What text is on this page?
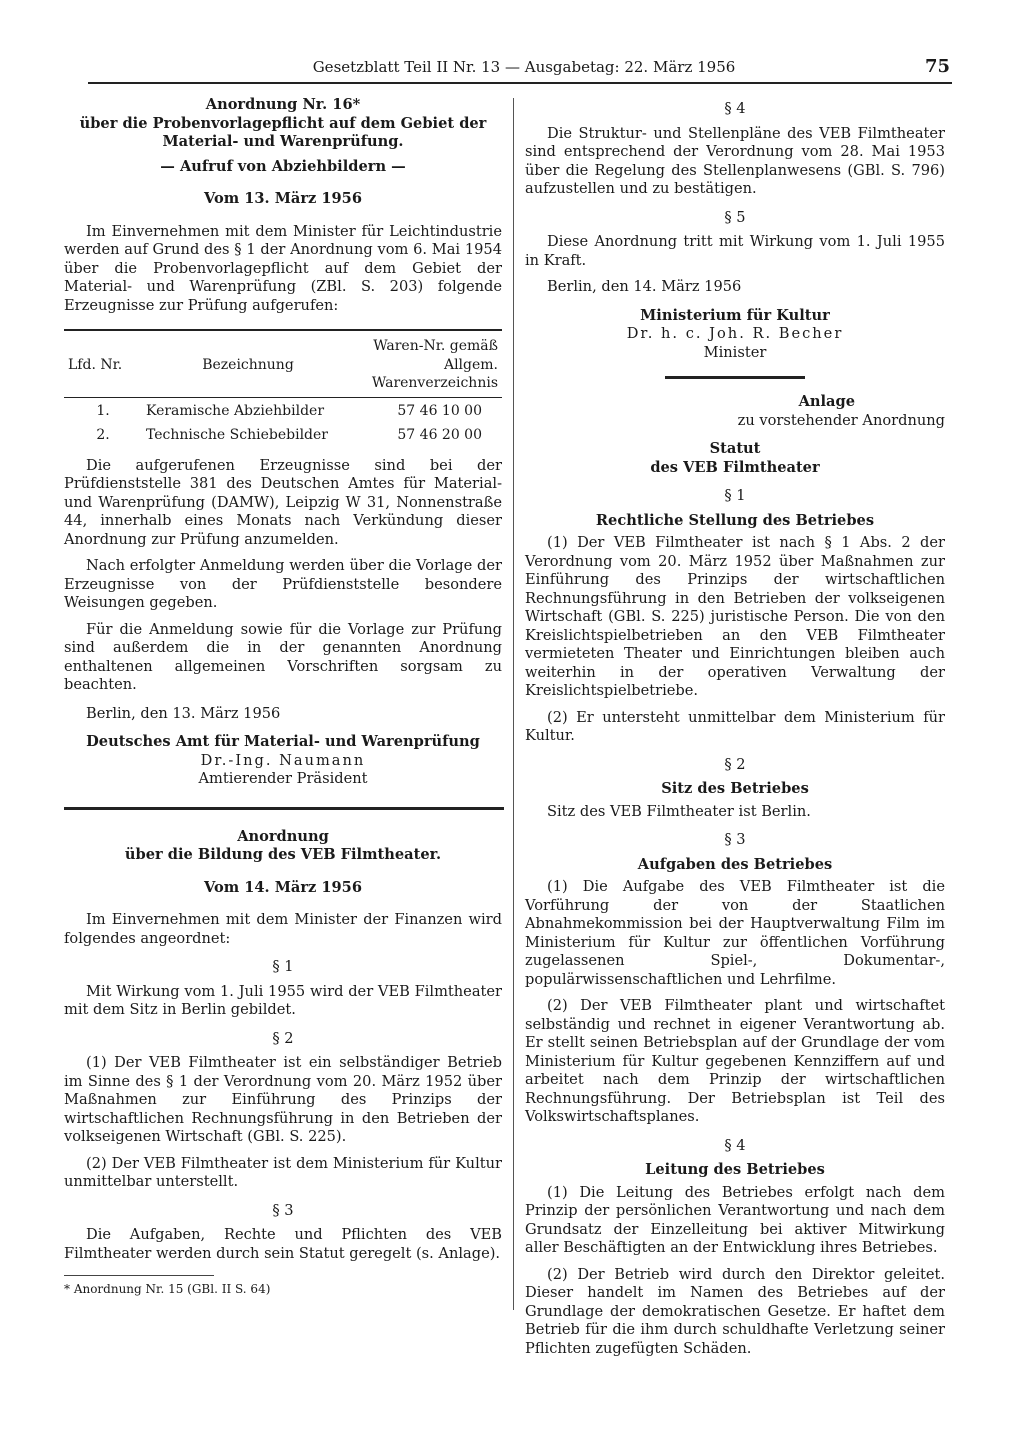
Gesetzblatt Teil II Nr. 13 — Ausgabetag: 22. März 1956	75
Anordnung Nr. 16*
über die Probenvorlagepflicht auf dem Gebiet der
Material- und Warenprüfung.
— Aufruf von Abziehbildern —
Vom 13. März 1956

Im Einvernehmen mit dem Minister für Leichtindustrie werden auf Grund des § 1 der Anordnung vom 6. Mai 1954 über die Probenvorlagepflicht auf dem Gebiet der Material- und Warenprüfung (ZBl. S. 203) folgende Erzeugnisse zur Prüfung aufgerufen:

Lfd. Nr.	Bezeichnung	Waren-Nr. gemäß Allgem. Warenverzeichnis
1.	Keramische Abziehbilder	57 46 10 00
2.	Technische Schiebebilder	57 46 20 00

Die aufgerufenen Erzeugnisse sind bei der Prüfdienststelle 381 des Deutschen Amtes für Material- und Warenprüfung (DAMW), Leipzig W 31, Nonnenstraße 44, innerhalb eines Monats nach Verkündung dieser Anordnung zur Prüfung anzumelden.

Nach erfolgter Anmeldung werden über die Vorlage der Erzeugnisse von der Prüfdienststelle besondere Weisungen gegeben.

Für die Anmeldung sowie für die Vorlage zur Prüfung sind außerdem die in der genannten Anordnung enthaltenen allgemeinen Vorschriften sorgsam zu beachten.

Berlin, den 13. März 1956

Deutsches Amt für Material- und Warenprüfung
Dr.-Ing. Naumann
Amtierender Präsident
Anordnung
über die Bildung des VEB Filmtheater.
Vom 14. März 1956

Im Einvernehmen mit dem Minister der Finanzen wird folgendes angeordnet:

§ 1

Mit Wirkung vom 1. Juli 1955 wird der VEB Filmtheater mit dem Sitz in Berlin gebildet.

§ 2

(1) Der VEB Filmtheater ist ein selbständiger Betrieb im Sinne des § 1 der Verordnung vom 20. März 1952 über Maßnahmen zur Einführung des Prinzips der wirtschaftlichen Rechnungsführung in den Betrieben der volkseigenen Wirtschaft (GBl. S. 225).

(2) Der VEB Filmtheater ist dem Ministerium für Kultur unmittelbar unterstellt.

§ 3

Die Aufgaben, Rechte und Pflichten des VEB Filmtheater werden durch sein Statut geregelt (s. Anlage).

* Anordnung Nr. 15 (GBl. II S. 64)
§ 4

Die Struktur- und Stellenpläne des VEB Filmtheater sind entsprechend der Verordnung vom 28. Mai 1953 über die Regelung des Stellenplanwesens (GBl. S. 796) aufzustellen und zu bestätigen.

§ 5

Diese Anordnung tritt mit Wirkung vom 1. Juli 1955 in Kraft.

Berlin, den 14. März 1956

Ministerium für Kultur
Dr. h. c. Joh. R. Becher
Minister
Anlage
zu vorstehender Anordnung
Statut
des VEB Filmtheater
§ 1
Rechtliche Stellung des Betriebes

(1) Der VEB Filmtheater ist nach § 1 Abs. 2 der Verordnung vom 20. März 1952 über Maßnahmen zur Einführung des Prinzips der wirtschaftlichen Rechnungsführung in den Betrieben der volkseigenen Wirtschaft (GBl. S. 225) juristische Person. Die von den Kreislichtspielbetrieben an den VEB Filmtheater vermieteten Theater und Einrichtungen bleiben auch weiterhin in der operativen Verwaltung der Kreislichtspielbetriebe.

(2) Er untersteht unmittelbar dem Ministerium für Kultur.

§ 2
Sitz des Betriebes

Sitz des VEB Filmtheater ist Berlin.

§ 3
Aufgaben des Betriebes

(1) Die Aufgabe des VEB Filmtheater ist die Vorführung der von der Staatlichen Abnahmekommission bei der Hauptverwaltung Film im Ministerium für Kultur zur öffentlichen Vorführung zugelassenen Spiel-, Dokumentar-, populärwissenschaftlichen und Lehrfilme.

(2) Der VEB Filmtheater plant und wirtschaftet selbständig und rechnet in eigener Verantwortung ab. Er stellt seinen Betriebsplan auf der Grundlage der vom Ministerium für Kultur gegebenen Kennziffern auf und arbeitet nach dem Prinzip der wirtschaftlichen Rechnungsführung. Der Betriebsplan ist Teil des Volkswirtschaftsplanes.

§ 4
Leitung des Betriebes

(1) Die Leitung des Betriebes erfolgt nach dem Prinzip der persönlichen Verantwortung und nach dem Grundsatz der Einzelleitung bei aktiver Mitwirkung aller Beschäftigten an der Entwicklung ihres Betriebes.

(2) Der Betrieb wird durch den Direktor geleitet. Dieser handelt im Namen des Betriebes auf der Grundlage der demokratischen Gesetze. Er haftet dem Betrieb für die ihm durch schuldhafte Verletzung seiner Pflichten zugefügten Schäden.
